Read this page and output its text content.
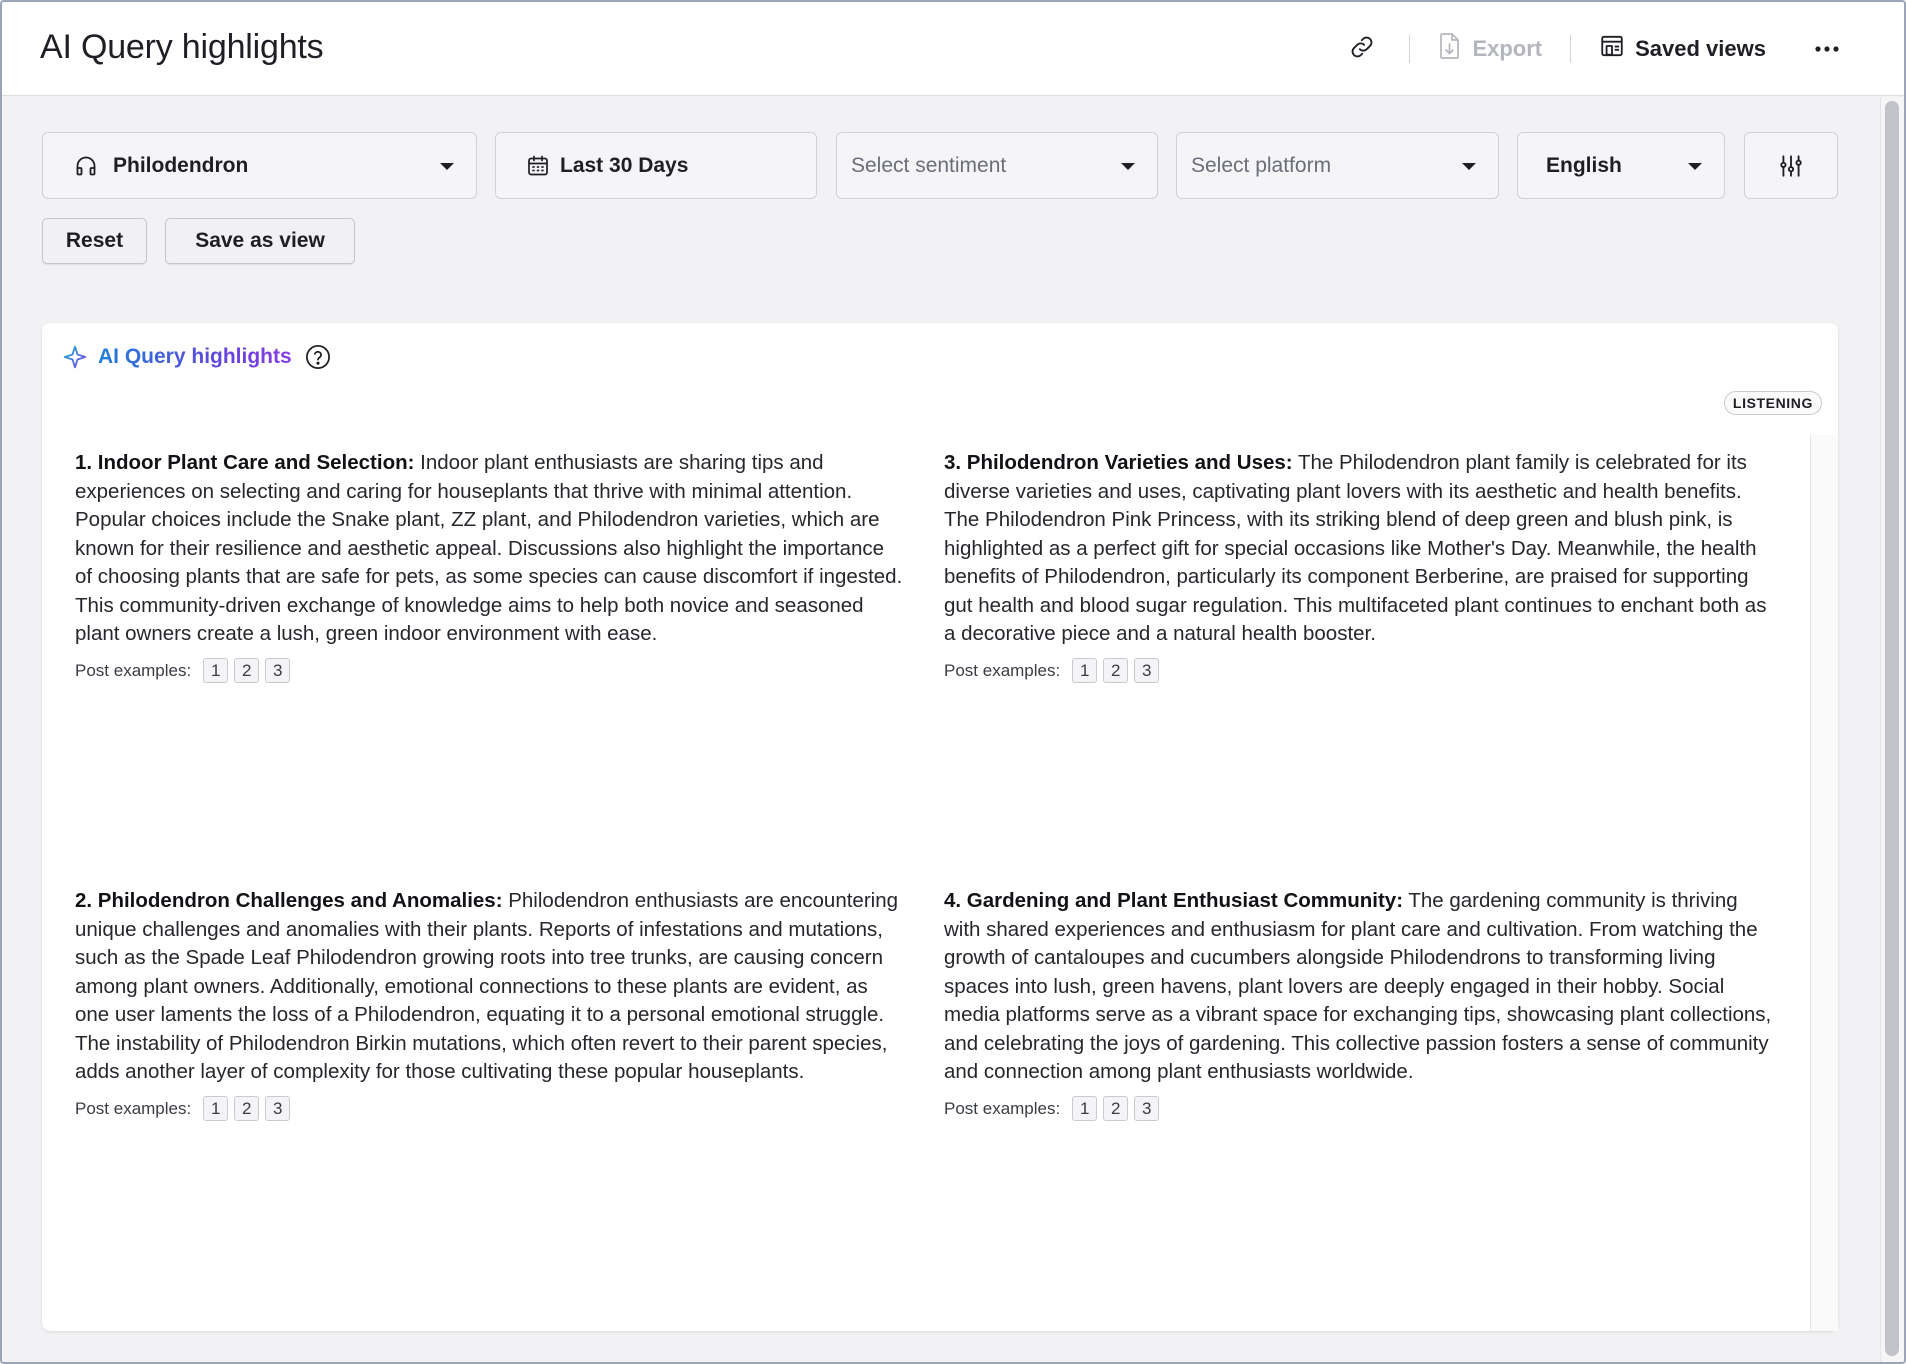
AI Query highlights	Export	Saved views
Philodendron	Last 30 Days	Select sentiment	Select platform	English
Reset	Save as view
AI Query highlights
LISTENING

1. Indoor Plant Care and Selection: Indoor plant enthusiasts are sharing tips and experiences on selecting and caring for houseplants that thrive with minimal attention. Popular choices include the Snake plant, ZZ plant, and Philodendron varieties, which are known for their resilience and aesthetic appeal. Discussions also highlight the importance of choosing plants that are safe for pets, as some species can cause discomfort if ingested. This community-driven exchange of knowledge aims to help both novice and seasoned plant owners create a lush, green indoor environment with ease.

Post examples:	1	2	3

3. Philodendron Varieties and Uses: The Philodendron plant family is celebrated for its diverse varieties and uses, captivating plant lovers with its aesthetic and health benefits. The Philodendron Pink Princess, with its striking blend of deep green and blush pink, is highlighted as a perfect gift for special occasions like Mother's Day. Meanwhile, the health benefits of Philodendron, particularly its component Berberine, are praised for supporting gut health and blood sugar regulation. This multifaceted plant continues to enchant both as a decorative piece and a natural health booster.

Post examples:	1	2	3

2. Philodendron Challenges and Anomalies: Philodendron enthusiasts are encountering unique challenges and anomalies with their plants. Reports of infestations and mutations, such as the Spade Leaf Philodendron growing roots into tree trunks, are causing concern among plant owners. Additionally, emotional connections to these plants are evident, as one user laments the loss of a Philodendron, equating it to a personal emotional struggle. The instability of Philodendron Birkin mutations, which often revert to their parent species, adds another layer of complexity for those cultivating these popular houseplants.

Post examples:	1	2	3

4. Gardening and Plant Enthusiast Community: The gardening community is thriving with shared experiences and enthusiasm for plant care and cultivation. From watching the growth of cantaloupes and cucumbers alongside Philodendrons to transforming living spaces into lush, green havens, plant lovers are deeply engaged in their hobby. Social media platforms serve as a vibrant space for exchanging tips, showcasing plant collections, and celebrating the joys of gardening. This collective passion fosters a sense of community and connection among plant enthusiasts worldwide.

Post examples:	1	2	3
